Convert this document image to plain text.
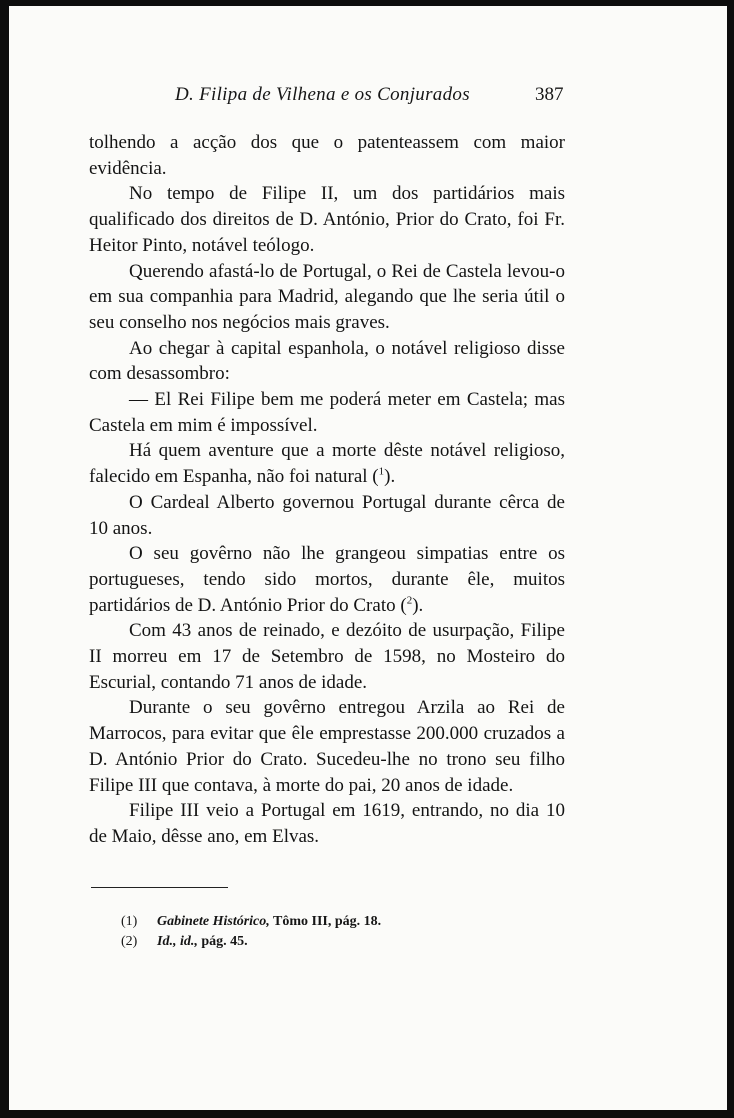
D. Filipa de Vilhena e os Conjurados	387

tolhendo a acção dos que o patenteassem com maior evidência.

No tempo de Filipe II, um dos partidários mais qualificado dos direitos de D. António, Prior do Crato, foi Fr. Heitor Pinto, notável teólogo.

Querendo afastá-lo de Portugal, o Rei de Castela levou-o em sua companhia para Madrid, alegando que lhe seria útil o seu conselho nos negócios mais graves.

Ao chegar à capital espanhola, o notável religioso disse com desassombro:

— El Rei Filipe bem me poderá meter em Castela; mas Castela em mim é impossível.

Há quem aventure que a morte dêste notável religioso, falecido em Espanha, não foi natural ($^1$).

O Cardeal Alberto governou Portugal durante cêrca de 10 anos.

O seu govêrno não lhe grangeou simpatias entre os portugueses, tendo sido mortos, durante êle, muitos partidários de D. António Prior do Crato ($^2$).

Com 43 anos de reinado, e dezóito de usurpação, Filipe II morreu em 17 de Setembro de 1598, no Mosteiro do Escurial, contando 71 anos de idade.

Durante o seu govêrno entregou Arzila ao Rei de Marrocos, para evitar que êle emprestasse 200.000 cruzados a D. António Prior do Crato. Sucedeu-lhe no trono seu filho Filipe III que contava, à morte do pai, 20 anos de idade.

Filipe III veio a Portugal em 1619, entrando, no dia 10 de Maio, dêsse ano, em Elvas.

(1) Gabinete Histórico, Tômo III, pág. 18.

(2) Id., id., pág. 45.
